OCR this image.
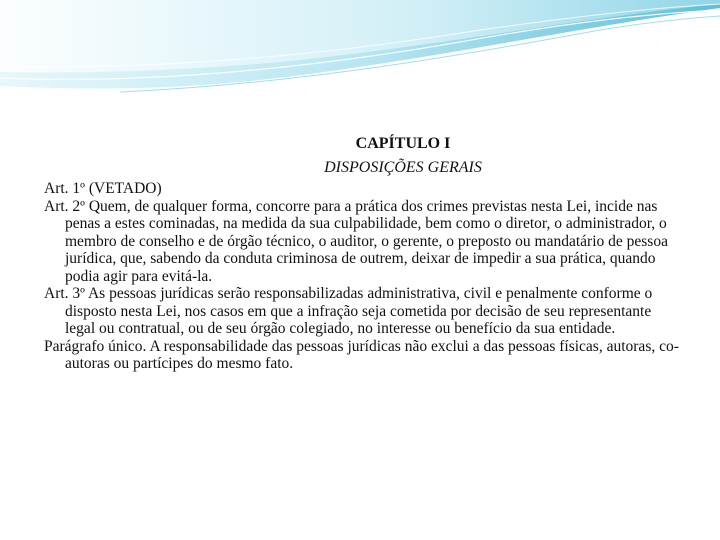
CAPÍTULO I

DISPOSIÇÕES GERAIS

Art. 1º (VETADO)

Art. 2º Quem, de qualquer forma, concorre para a prática dos crimes previstas nesta Lei, incide nas penas a estes cominadas, na medida da sua culpabilidade, bem como o diretor, o administrador, o membro de conselho e de órgão técnico, o auditor, o gerente, o preposto ou mandatário de pessoa jurídica, que, sabendo da conduta criminosa de outrem, deixar de impedir a sua prática, quando podia agir para evitá-la.

Art. 3º As pessoas jurídicas serão responsabilizadas administrativa, civil e penalmente conforme o disposto nesta Lei, nos casos em que a infração seja cometida por decisão de seu representante legal ou contratual, ou de seu órgão colegiado, no interesse ou benefício da sua entidade.

Parágrafo único. A responsabilidade das pessoas jurídicas não exclui a das pessoas físicas, autoras, co-autoras ou partícipes do mesmo fato.
